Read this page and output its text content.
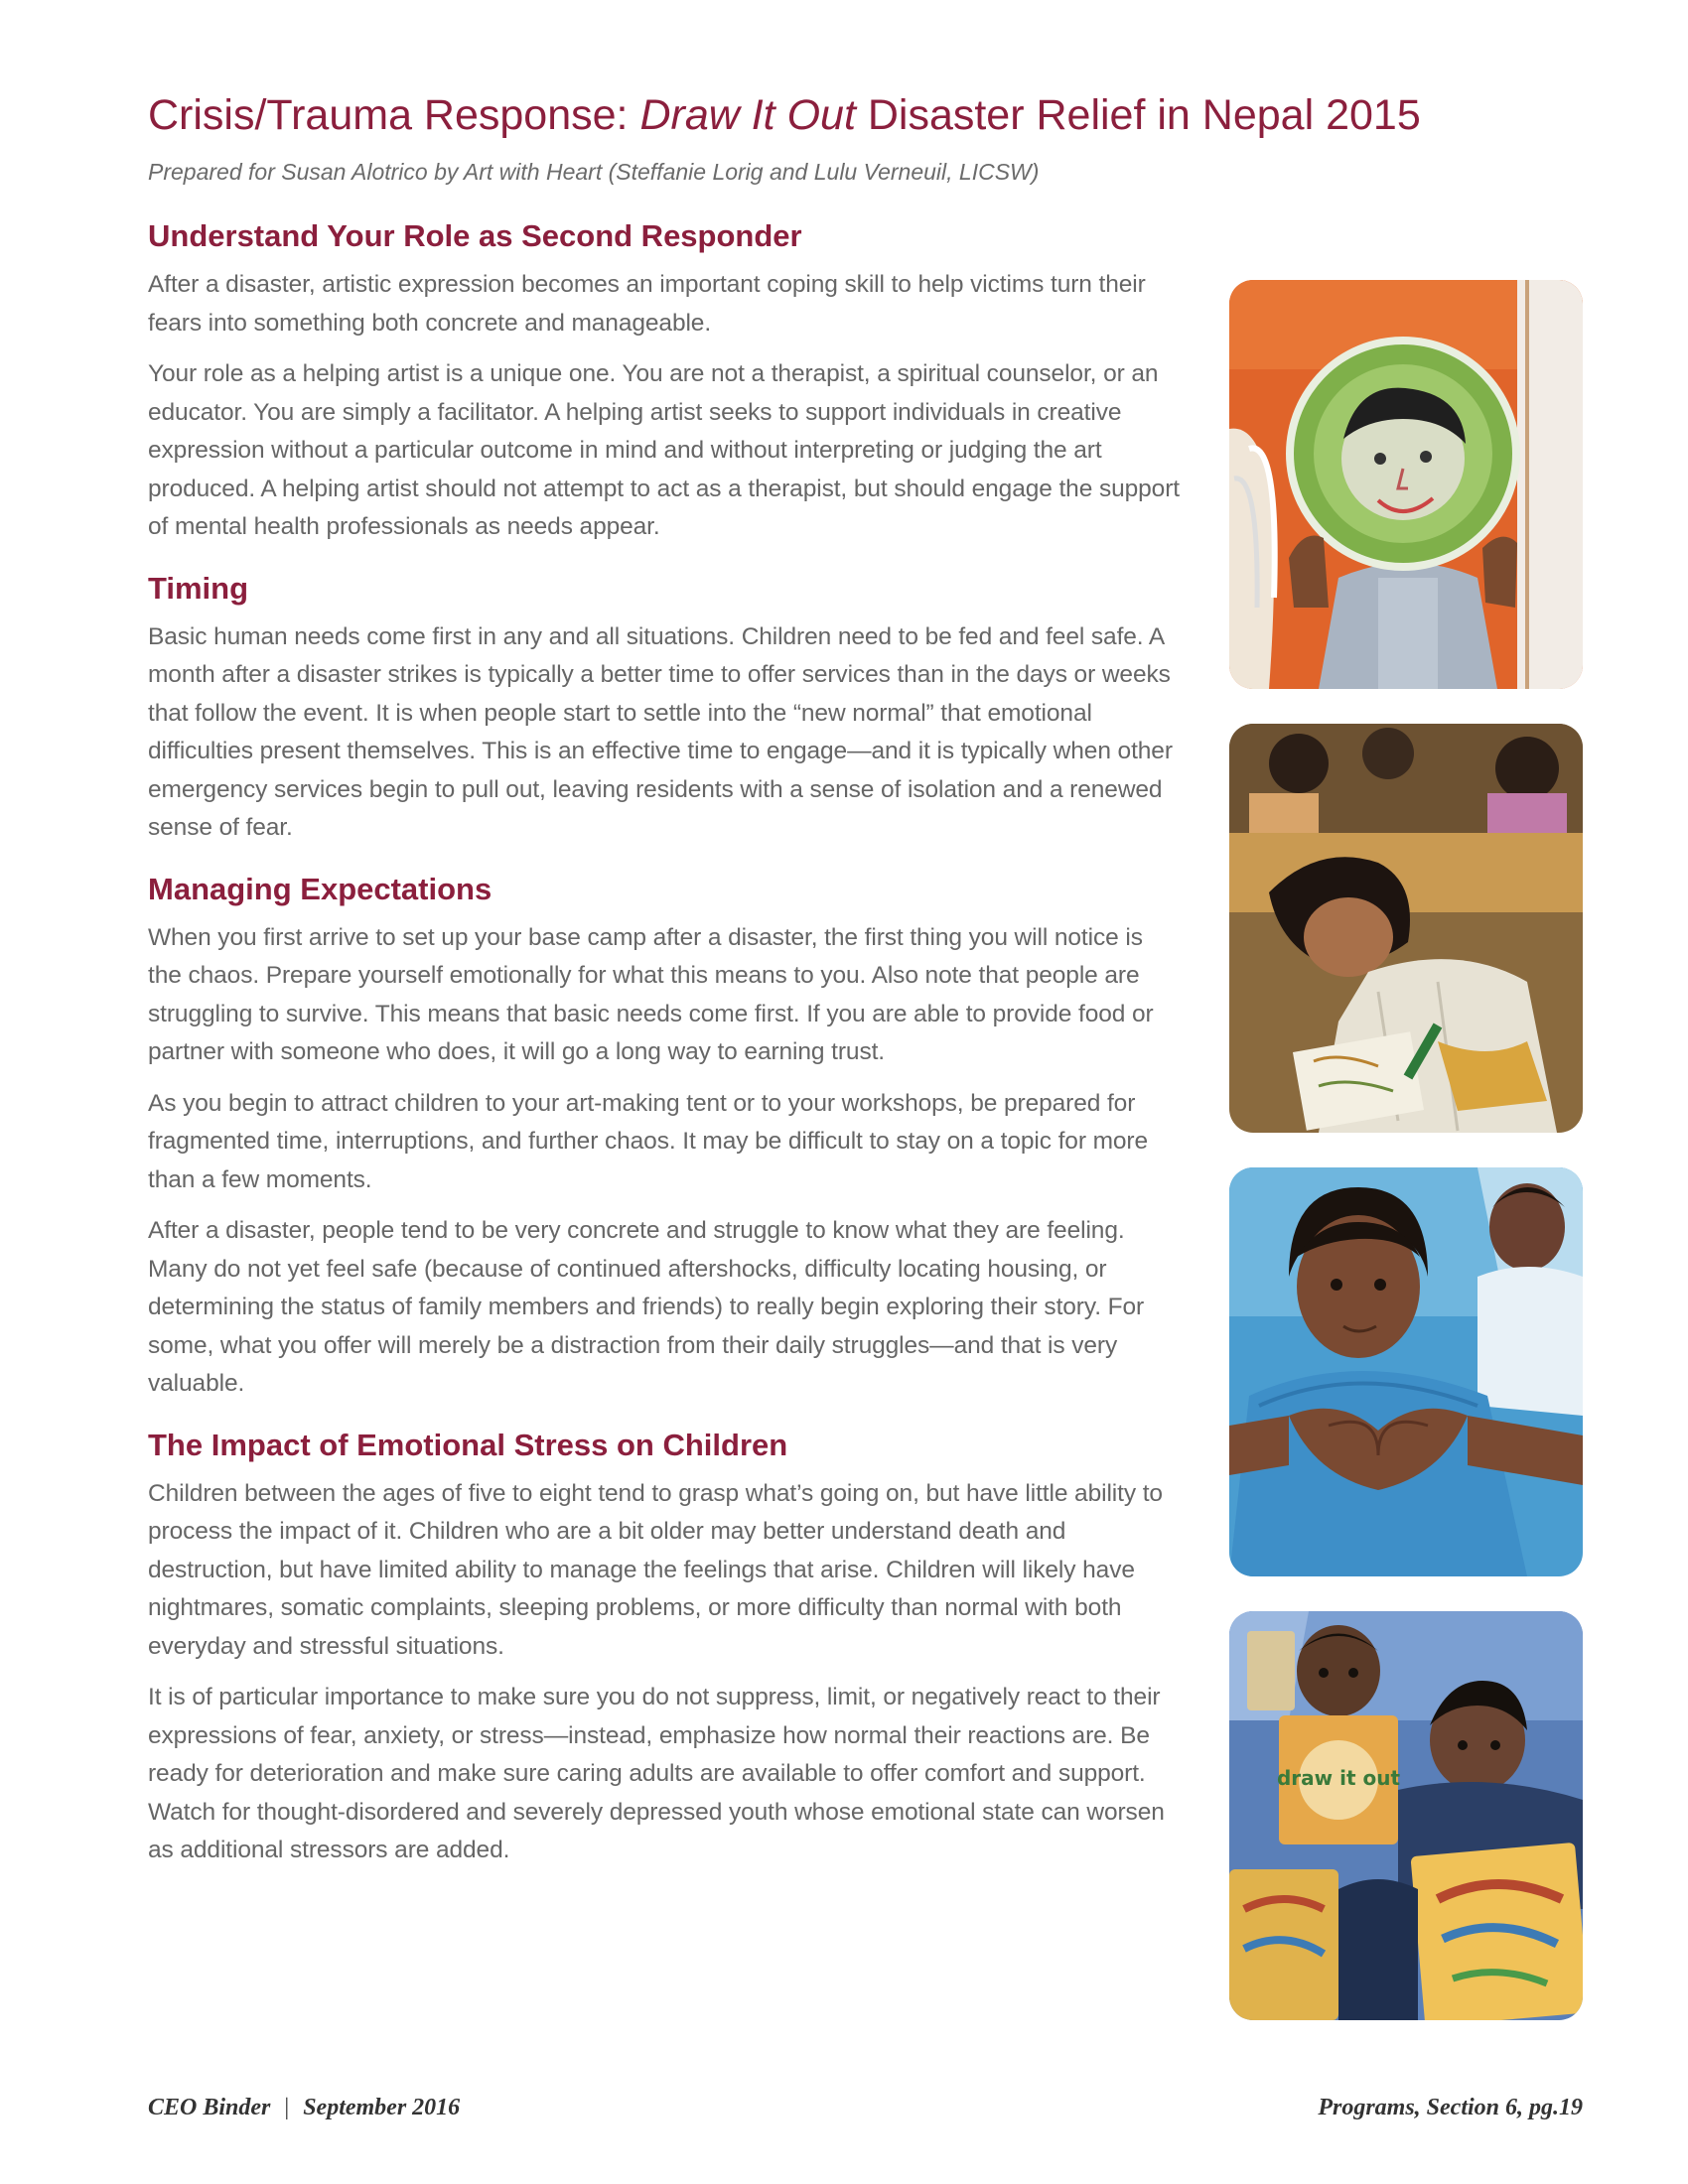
Crisis/Trauma Response: Draw It Out Disaster Relief in Nepal 2015
Prepared for Susan Alotrico by Art with Heart (Steffanie Lorig and Lulu Verneuil, LICSW)
Understand Your Role as Second Responder

After a disaster, artistic expression becomes an important coping skill to help victims turn their fears into something both concrete and manageable.

Your role as a helping artist is a unique one. You are not a therapist, a spiritual counselor, or an educator. You are simply a facilitator. A helping artist seeks to support individuals in creative expression without a particular outcome in mind and without interpreting or judging the art produced. A helping artist should not attempt to act as a therapist, but should engage the support of mental health professionals as needs appear.

Timing

Basic human needs come first in any and all situations. Children need to be fed and feel safe. A month after a disaster strikes is typically a better time to offer services than in the days or weeks that follow the event. It is when people start to settle into the “new normal” that emotional difficulties present themselves. This is an effective time to engage—and it is typically when other emergency services begin to pull out, leaving residents with a sense of isolation and a renewed sense of fear.

Managing Expectations

When you first arrive to set up your base camp after a disaster, the first thing you will notice is the chaos. Prepare yourself emotionally for what this means to you. Also note that people are struggling to survive. This means that basic needs come first. If you are able to provide food or partner with someone who does, it will go a long way to earning trust.

As you begin to attract children to your art-making tent or to your workshops, be prepared for fragmented time, interruptions, and further chaos. It may be difficult to stay on a topic for more than a few moments.

After a disaster, people tend to be very concrete and struggle to know what they are feeling. Many do not yet feel safe (because of continued aftershocks, difficulty locating housing, or determining the status of family members and friends) to really begin exploring their story. For some, what you offer will merely be a distraction from their daily struggles—and that is very valuable.

The Impact of Emotional Stress on Children

Children between the ages of five to eight tend to grasp what’s going on, but have little ability to process the impact of it. Children who are a bit older may better understand death and destruction, but have limited ability to manage the feelings that arise. Children will likely have nightmares, somatic complaints, sleeping problems, or more difficulty than normal with both everyday and stressful situations.

It is of particular importance to make sure you do not suppress, limit, or negatively react to their expressions of fear, anxiety, or stress—instead, emphasize how normal their reactions are. Be ready for deterioration and make sure caring adults are available to offer comfort and support. Watch for thought-disordered and severely depressed youth whose emotional state can worsen as additional stressors are added.

draw it out
CEO Binder | September 2016	Programs, Section 6, pg.19
